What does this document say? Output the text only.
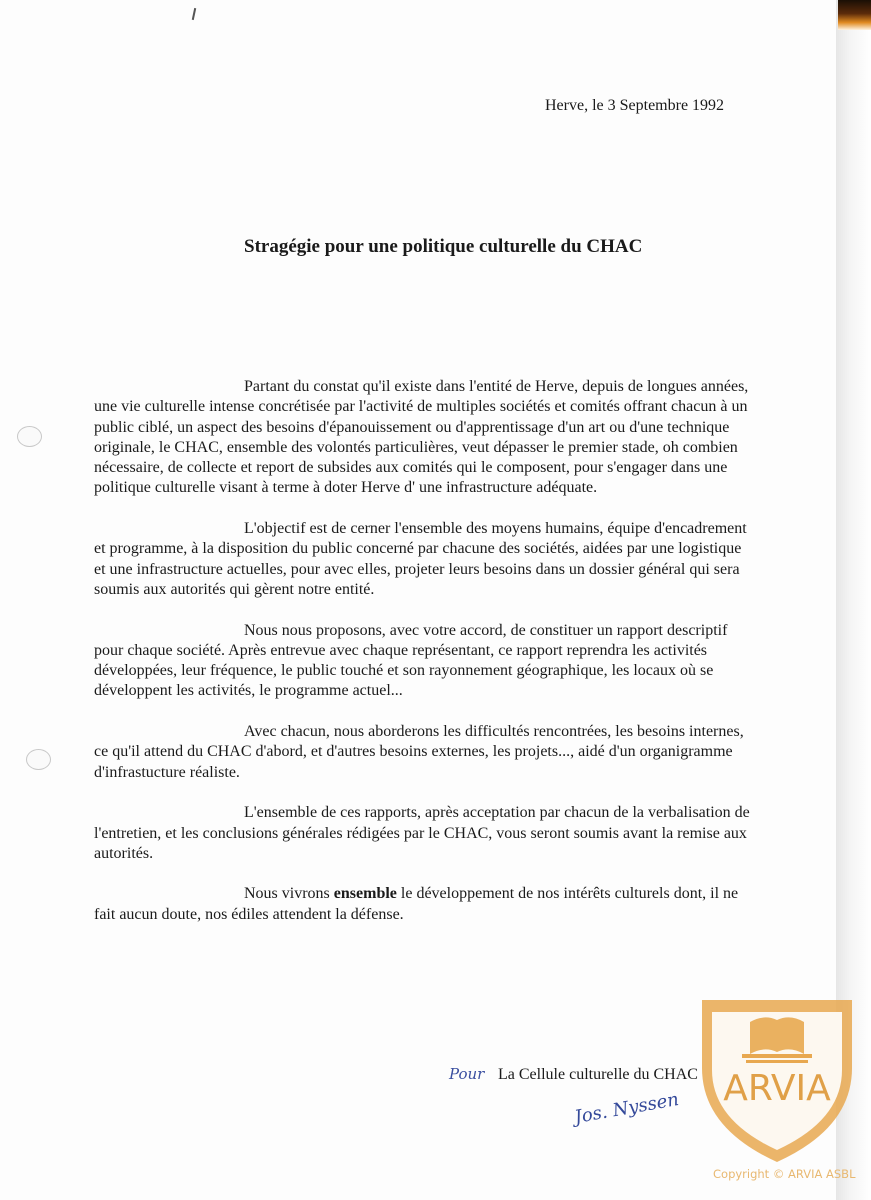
Herve, le 3 Septembre 1992
Stragégie pour une politique culturelle du CHAC

Partant du constat qu'il existe dans l'entité de Herve, depuis de longues années, une vie culturelle intense concrétisée par l'activité de multiples sociétés et comités offrant chacun à un public ciblé, un aspect des besoins d'épanouissement ou d'apprentissage d'un art ou d'une technique originale, le CHAC, ensemble des volontés particulières, veut dépasser le premier stade, oh combien nécessaire, de collecte et report de subsides aux comités qui le composent, pour s'engager dans une politique culturelle visant à terme à doter Herve d' une infrastructure adéquate.

L'objectif est de cerner l'ensemble des moyens humains, équipe d'encadrement et programme, à la disposition du public concerné par chacune des sociétés, aidées par une logistique et une infrastructure actuelles, pour avec elles, projeter leurs besoins dans un dossier général qui sera soumis aux autorités qui gèrent notre entité.

Nous nous proposons, avec votre accord, de constituer un rapport descriptif pour chaque société. Après entrevue avec chaque représentant, ce rapport reprendra les activités développées, leur fréquence, le public touché et son rayonnement géographique, les locaux où se développent les activités, le programme actuel...

Avec chacun, nous aborderons les difficultés rencontrées, les besoins internes, ce qu'il attend du CHAC d'abord, et d'autres besoins externes, les projets..., aidé d'un organigramme d'infrastucture réaliste.

L'ensemble de ces rapports, après acceptation par chacun de la verbalisation de l'entretien, et les conclusions générales rédigées par le CHAC, vous seront soumis avant la remise aux autorités.

Nous vivrons ensemble le développement de nos intérêts culturels dont, il ne fait aucun doute, nos édiles attendent la défense.

Pour La Cellule culturelle du CHAC
Jos. Nyssen ARVIA
Copyright © ARVIA ASBL
